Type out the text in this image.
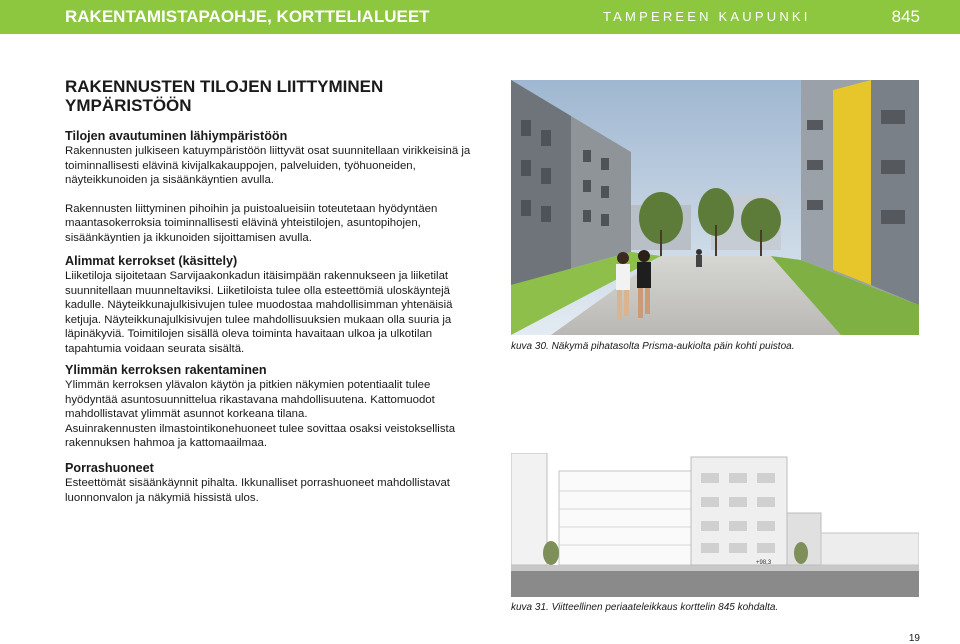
RAKENTAMISTAPAOHJE, KORTTELIALUEET	TAMPEREEN KAUPUNKI	845
RAKENNUSTEN TILOJEN LIITTYMINEN YMPÄRISTÖÖN
Tilojen avautuminen lähiympäristöön

Rakennusten julkiseen katuympäristöön liittyvät osat suunnitellaan virikkeisinä ja toiminnallisesti elävinä kivijalkakauppojen, palveluiden, työhuoneiden, näyteikkunoiden ja sisäänkäyntien avulla.

Rakennusten liittyminen pihoihin ja puistoalueisiin toteutetaan hyödyntäen maantasokerroksia toiminnallisesti elävinä yhteistilojen, asuntopihojen, sisäänkäyntien ja ikkunoiden sijoittamisen avulla.

Alimmat kerrokset (käsittely)

Liiketiloja sijoitetaan Sarvijaakonkadun itäisimpään rakennukseen ja liiketilat suunnitellaan muunneltaviksi. Liiketiloista tulee olla esteettömiä uloskäyntejä kadulle. Näyteikkunajulkisivujen tulee muodostaa mahdollisimman yhtenäisiä ketjuja. Näyteikkunajulkisivujen tulee mahdollisuuksien mukaan olla suuria ja läpinäkyviä. Toimitilojen sisällä oleva toiminta havaitaan ulkoa ja ulkotilan tapahtumia voidaan seurata sisältä.

Ylimmän kerroksen rakentaminen

Ylimmän kerroksen ylävalon käytön ja pitkien näkymien potentiaalit tulee hyödyntää asuntosuunnittelua rikastavana mahdollisuutena. Kattomuodot mahdollistavat ylimmät asunnot korkeana tilana.

Asuinrakennusten ilmastointikonehuoneet tulee sovittaa osaksi veistoksellista rakennuksen hahmoa ja kattomaailmaa.

Porrashuoneet

Esteettömät sisäänkäynnit pihalta. Ikkunalliset porrashuoneet mahdollistavat luonnonvalon ja näkymiä hissistä ulos.

kuva 30. Näkymä pihatasolta Prisma-aukiolta päin kohti puistoa.
+98,3
kuva 31. Viitteellinen periaateleikkaus korttelin 845 kohdalta.
19
